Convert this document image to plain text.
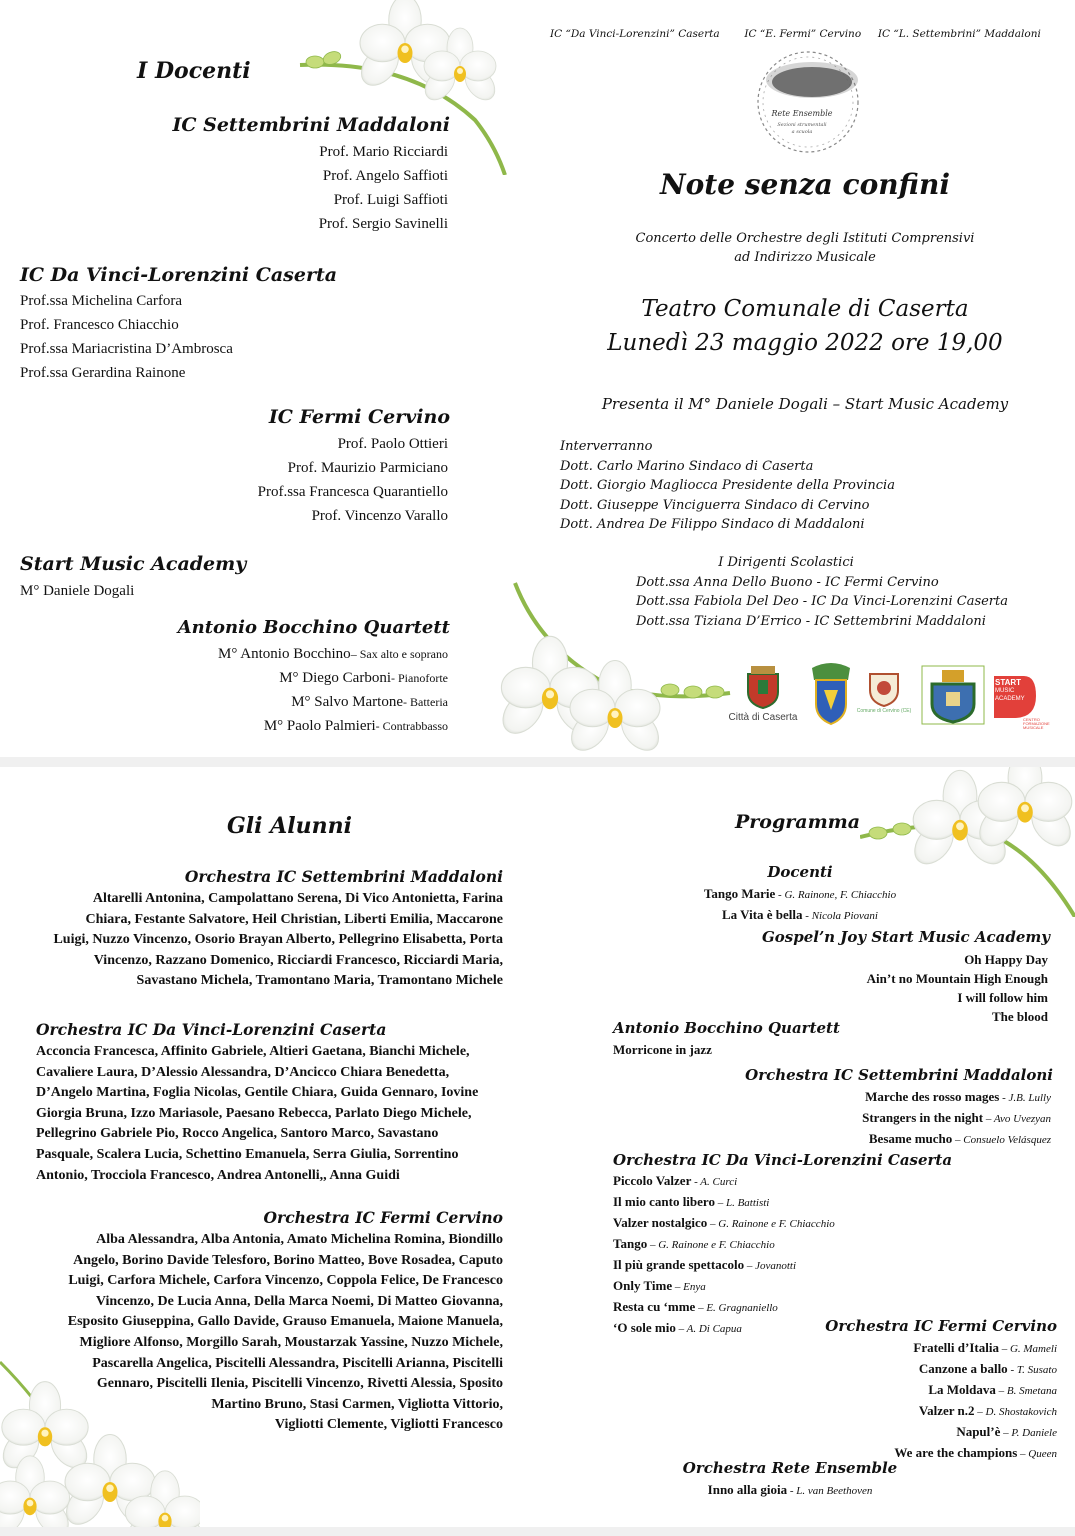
I Docenti
IC Settembrini Maddaloni
Prof. Mario Ricciardi
Prof. Angelo Saffioti
Prof. Luigi Saffioti
Prof. Sergio Savinelli
IC Da Vinci-Lorenzini Caserta
Prof.ssa Michelina Carfora
Prof. Francesco Chiacchio
Prof.ssa Mariacristina D’Ambrosca
Prof.ssa Gerardina Rainone
IC Fermi Cervino
Prof. Paolo Ottieri
Prof. Maurizio Parmiciano
Prof.ssa Francesca Quarantiello
Prof. Vincenzo Varallo
Start Music Academy
M° Daniele Dogali
Antonio Bocchino Quartett
M° Antonio Bocchino– Sax alto e soprano
M° Diego Carboni- Pianoforte
M° Salvo Martone- Batteria
M° Paolo Palmieri- Contrabbasso
IC “Da Vinci-Lorenzini” Caserta IC “E. Fermi” Cervino IC “L. Settembrini” Maddaloni
Rete Ensemble
Sezioni strumentali
a scuola
Note senza confini
Concerto delle Orchestre degli Istituti Comprensivi
ad Indirizzo Musicale
Teatro Comunale di Caserta
Lunedì 23 maggio 2022 ore 19,00
Presenta il M° Daniele Dogali – Start Music Academy
Interverranno
Dott. Carlo Marino Sindaco di Caserta
Dott. Giorgio Magliocca Presidente della Provincia
Dott. Giuseppe Vinciguerra Sindaco di Cervino
Dott. Andrea De Filippo Sindaco di Maddaloni
I Dirigenti Scolastici
Dott.ssa Anna Dello Buono - IC Fermi Cervino
Dott.ssa Fabiola Del Deo - IC Da Vinci-Lorenzini Caserta
Dott.ssa Tiziana D’Errico - IC Settembrini Maddaloni
Città di Caserta
Comune di Cervino (CE)
START
MUSIC
ACADEMY
CENTRO
FORMAZIONE MUSICALE
Gli Alunni
Orchestra IC Settembrini Maddaloni
Altarelli Antonina, Campolattano Serena, Di Vico Antonietta, Farina
Chiara, Festante Salvatore, Heil Christian, Liberti Emilia, Maccarone
Luigi, Nuzzo Vincenzo, Osorio Brayan Alberto, Pellegrino Elisabetta, Porta
Vincenzo, Razzano Domenico, Ricciardi Francesco, Ricciardi Maria,
Savastano Michela, Tramontano Maria, Tramontano Michele
Orchestra IC Da Vinci-Lorenzini Caserta
Acconcia Francesca, Affinito Gabriele, Altieri Gaetana, Bianchi Michele,
Cavaliere Laura, D’Alessio Alessandra, D’Ancicco Chiara Benedetta,
D’Angelo Martina, Foglia Nicolas, Gentile Chiara, Guida Gennaro, Iovine
Giorgia Bruna, Izzo Mariasole, Paesano Rebecca, Parlato Diego Michele,
Pellegrino Gabriele Pio, Rocco Angelica, Santoro Marco, Savastano
Pasquale, Scalera Lucia, Schettino Emanuela, Serra Giulia, Sorrentino
Antonio, Trocciola Francesco, Andrea Antonelli,, Anna Guidi
Orchestra IC Fermi Cervino
Alba Alessandra, Alba Antonia, Amato Michelina Romina, Biondillo
Angelo, Borino Davide Telesforo, Borino Matteo, Bove Rosadea, Caputo
Luigi, Carfora Michele, Carfora Vincenzo, Coppola Felice, De Francesco
Vincenzo, De Lucia Anna, Della Marca Noemi, Di Matteo Giovanna,
Esposito Giuseppina, Gallo Davide, Grauso Emanuela, Maione Manuela,
Migliore Alfonso, Morgillo Sarah, Moustarzak Yassine, Nuzzo Michele,
Pascarella Angelica, Piscitelli Alessandra, Piscitelli Arianna, Piscitelli
Gennaro, Piscitelli Ilenia, Piscitelli Vincenzo, Rivetti Alessia, Sposito
Martino Bruno, Stasi Carmen, Vigliotta Vittorio,
Vigliotti Clemente, Vigliotti Francesco
Programma
Docenti
Tango Marie - G. Rainone, F. Chiacchio
La Vita è bella - Nicola Piovani
Gospel’n Joy Start Music Academy
Oh Happy Day
Ain’t no Mountain High Enough
I will follow him
The blood
Antonio Bocchino Quartett
Morricone in jazz
Orchestra IC Settembrini Maddaloni
Marche des rosso mages - J.B. Lully
Strangers in the night – Avo Uvezyan
Besame mucho – Consuelo Velásquez
Orchestra IC Da Vinci-Lorenzini Caserta
Piccolo Valzer - A. Curci
Il mio canto libero – L. Battisti
Valzer nostalgico – G. Rainone e F. Chiacchio
Tango – G. Rainone e F. Chiacchio
Il più grande spettacolo – Jovanotti
Only Time – Enya
Resta cu ‘mme – E. Gragnaniello
‘O sole mio – A. Di Capua	Orchestra IC Fermi Cervino
Fratelli d’Italia – G. Mameli
Canzone a ballo - T. Susato
La Moldava – B. Smetana
Valzer n.2 – D. Shostakovich
Napul’è – P. Daniele
We are the champions – Queen
Orchestra Rete Ensemble
Inno alla gioia - L. van Beethoven
